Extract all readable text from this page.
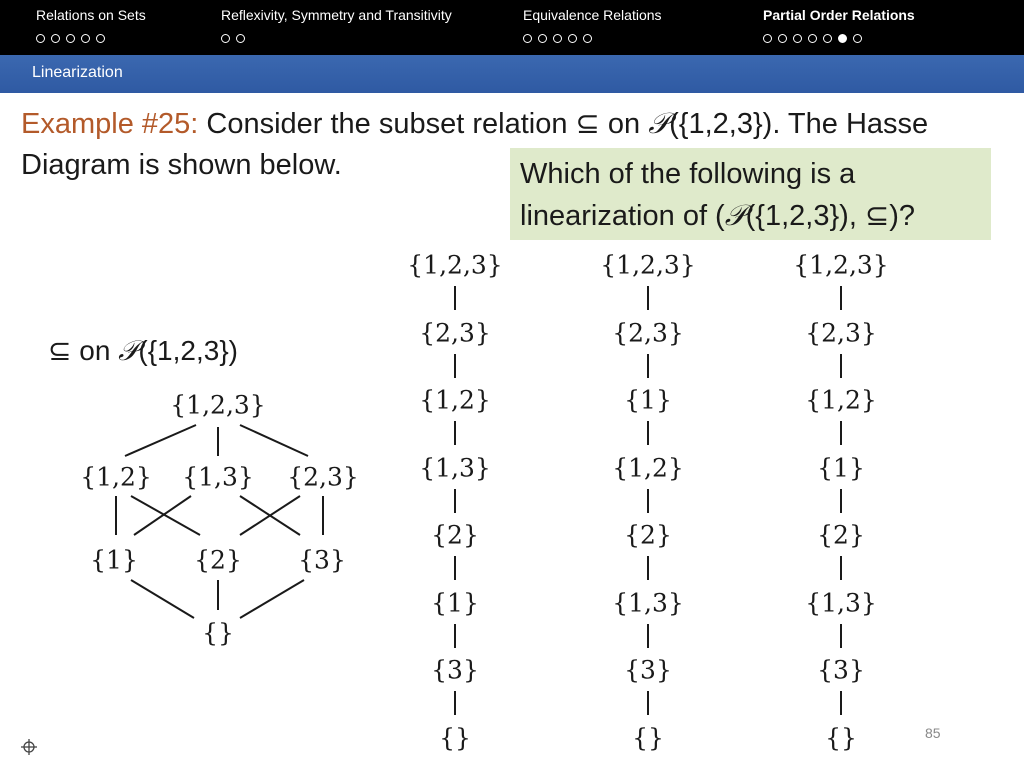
Relations on Sets	Reflexivity, Symmetry and Transitivity	Equivalence Relations	Partial Order Relations
Linearization
Example #25: Consider the subset relation ⊆ on 𝒫({1,2,3}). The Hasse Diagram is shown below.	Which of the following is a
linearization of (𝒫({1,2,3}), ⊆)?
⊆ on 𝒫({1,2,3})
{1,2,3}
{1,2} {1,3} {2,3}
{1} {2} {3}
{}
{1,2,3}
{2,3}
{1,2}
{1,3}
{2}
{1}
{3}
{}
{1,2,3}
{2,3}
{1}
{1,2}
{2}
{1,3}
{3}
{}
{1,2,3}
{2,3}
{1,2}
{1}
{2}
{1,3}
{3}
{}	85
